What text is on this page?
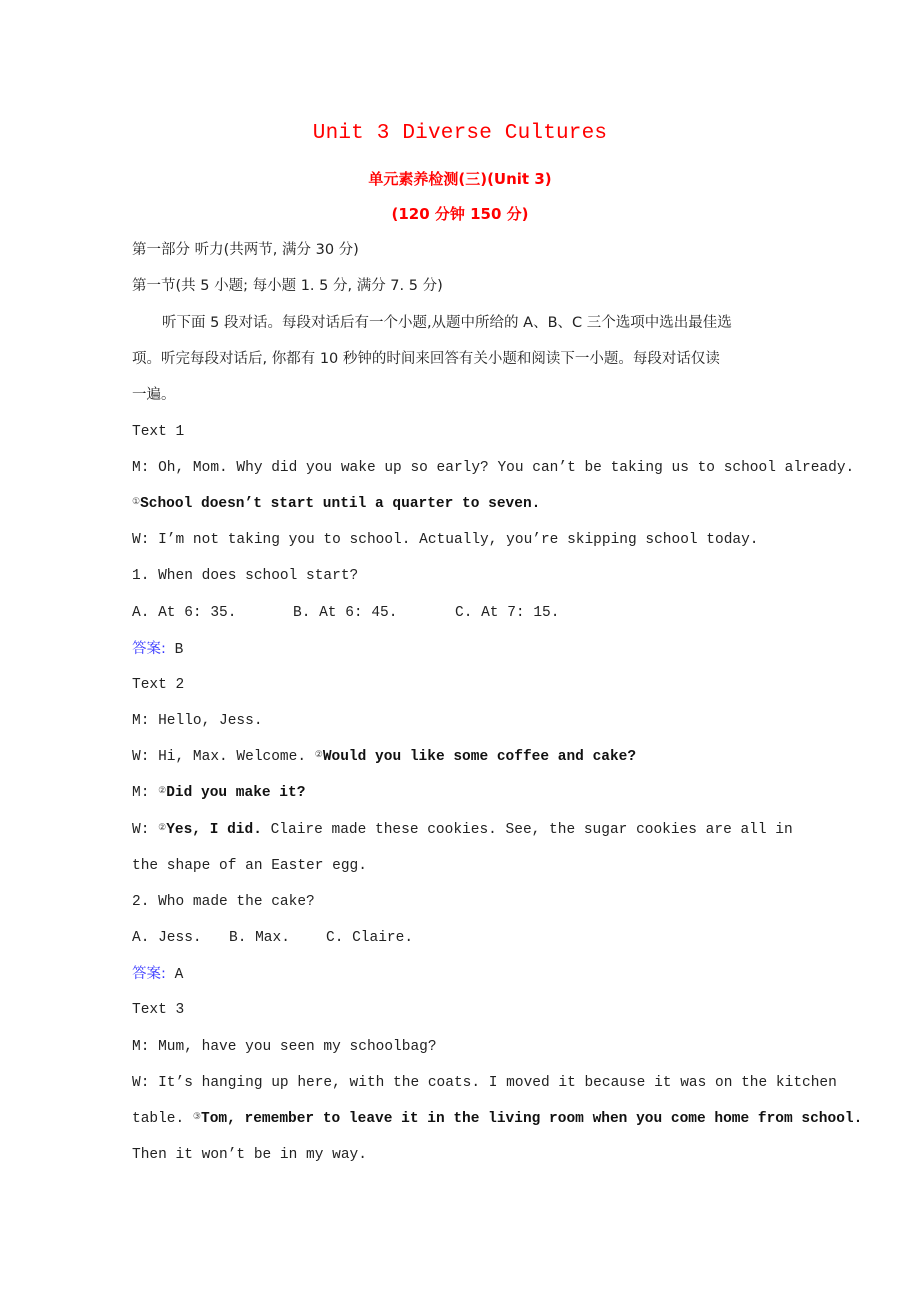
Unit 3 Diverse Cultures
单元素养检测(三)(Unit 3)
(120 分钟 150 分)
第一部分 听力(共两节, 满分 30 分)
第一节(共 5 小题; 每小题 1. 5 分, 满分 7. 5 分)
听下面 5 段对话。每段对话后有一个小题,从题中所给的 A、B、C 三个选项中选出最佳选
项。听完每段对话后, 你都有 10 秒钟的时间来回答有关小题和阅读下一小题。每段对话仅读
一遍。
Text 1
M: Oh, Mom. Why did you wake up so early? You can’t be taking us to school already.
①School doesn’t start until a quarter to seven.
W: I’m not taking you to school. Actually, you’re skipping school today.
1. When does school start?
A. At 6: 35.	B. At 6: 45.	C. At 7: 15.
答案: B
Text 2
M: Hello, Jess.
W: Hi, Max. Welcome. ②Would you like some coffee and cake?
M: ②Did you make it?
W: ②Yes, I did. Claire made these cookies. See, the sugar cookies are all in
the shape of an Easter egg.
2. Who made the cake?
A. Jess. B. Max. C. Claire.
答案: A
Text 3
M: Mum, have you seen my schoolbag?
W: It’s hanging up here, with the coats. I moved it because it was on the kitchen
table. ③Tom, remember to leave it in the living room when you come home from school.
Then it won’t be in my way.
